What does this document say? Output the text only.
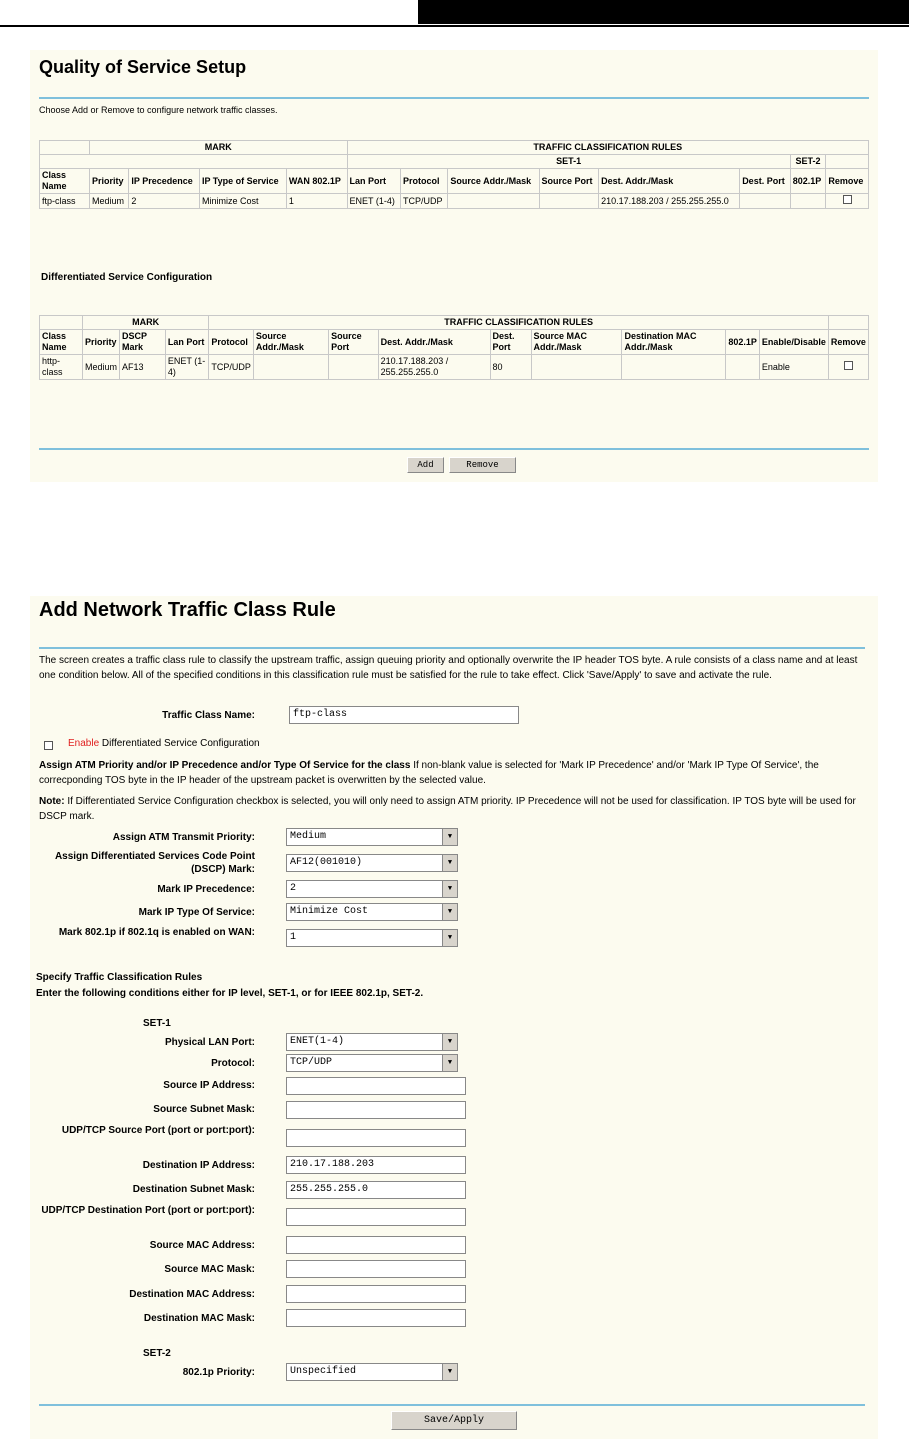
Quality of Service Setup
Choose Add or Remove to configure network traffic classes.
	MARK				TRAFFIC CLASSIFICATION RULES							
					SET-1						SET-2	
Class Name	Priority	IP Precedence	IP Type of Service	WAN 802.1P	Lan Port	Protocol	Source Addr./Mask	Source Port	Dest. Addr./Mask	Dest. Port	802.1P	Remove
ftp-class	Medium	2	Minimize Cost	1	ENET (1-4)	TCP/UDP			210.17.188.203 / 255.255.255.0			
Differentiated Service Configuration
	MARK			TRAFFIC CLASSIFICATION RULES									
Class Name	Priority	DSCP Mark	Lan Port	Protocol	Source Addr./Mask	Source Port	Dest. Addr./Mask	Dest. Port	Source MAC Addr./Mask	Destination MAC Addr./Mask	802.1P	Enable/Disable	Remove
http-class	Medium	AF13	ENET (1-4)	TCP/UDP			210.17.188.203 / 255.255.255.0	80				Enable	
Add	Remove
Add Network Traffic Class Rule
The screen creates a traffic class rule to classify the upstream traffic, assign queuing priority and optionally overwrite the IP header TOS byte. A rule consists of a class name and at least one condition below. All of the specified conditions in this classification rule must be satisfied for the rule to take effect. Click 'Save/Apply' to save and activate the rule.
Traffic Class Name:	ftp-class
Enable Differentiated Service Configuration
Assign ATM Priority and/or IP Precedence and/or Type Of Service for the class If non-blank value is selected for 'Mark IP Precedence' and/or 'Mark IP Type Of Service', the correcponding TOS byte in the IP header of the upstream packet is overwritten by the selected value.
Note: If Differentiated Service Configuration checkbox is selected, you will only need to assign ATM priority. IP Precedence will not be used for classification. IP TOS byte will be used for DSCP mark.
Assign ATM Transmit Priority:	Medium	▼
Assign Differentiated Services Code Point (DSCP) Mark:
AF12(001010)	▼
Mark IP Precedence:	2	▼
Mark IP Type Of Service:	Minimize Cost	▼
Mark 802.1p if 802.1q is enabled on WAN:	1	▼
Specify Traffic Classification Rules
Enter the following conditions either for IP level, SET-1, or for IEEE 802.1p, SET-2.
SET-1
Physical LAN Port:	ENET(1-4)	▼
Protocol:	TCP/UDP	▼
Source IP Address:
Source Subnet Mask:
UDP/TCP Source Port (port or port:port):
Destination IP Address:	210.17.188.203
Destination Subnet Mask:	255.255.255.0
UDP/TCP Destination Port (port or port:port):
Source MAC Address:
Source MAC Mask:
Destination MAC Address:
Destination MAC Mask:
SET-2
802.1p Priority:	Unspecified	▼
Save/Apply
